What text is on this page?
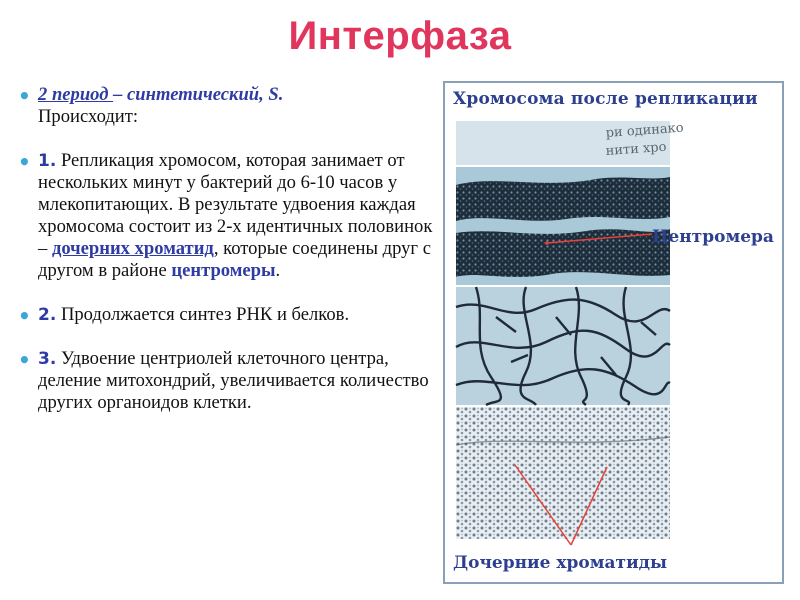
Интерфаза
• 2 период – синтетический, S.
Происходит:
• 1. Репликация хромосом, которая занимает от нескольких минут у бактерий до 6-10 часов у млекопитающих. В результате удвоения каждая хромосома состоит из 2-х идентичных половинок – дочерних хроматид, которые соединены друг с другом в районе центромеры.
• 2. Продолжается синтез РНК и белков.
• 3. Удвоение центриолей клеточного центра, деление митохондрий, увеличивается количество других органоидов клетки.
Хромосома после репликации
ри одинако
нити хро
Центромера
Дочерние хроматиды
